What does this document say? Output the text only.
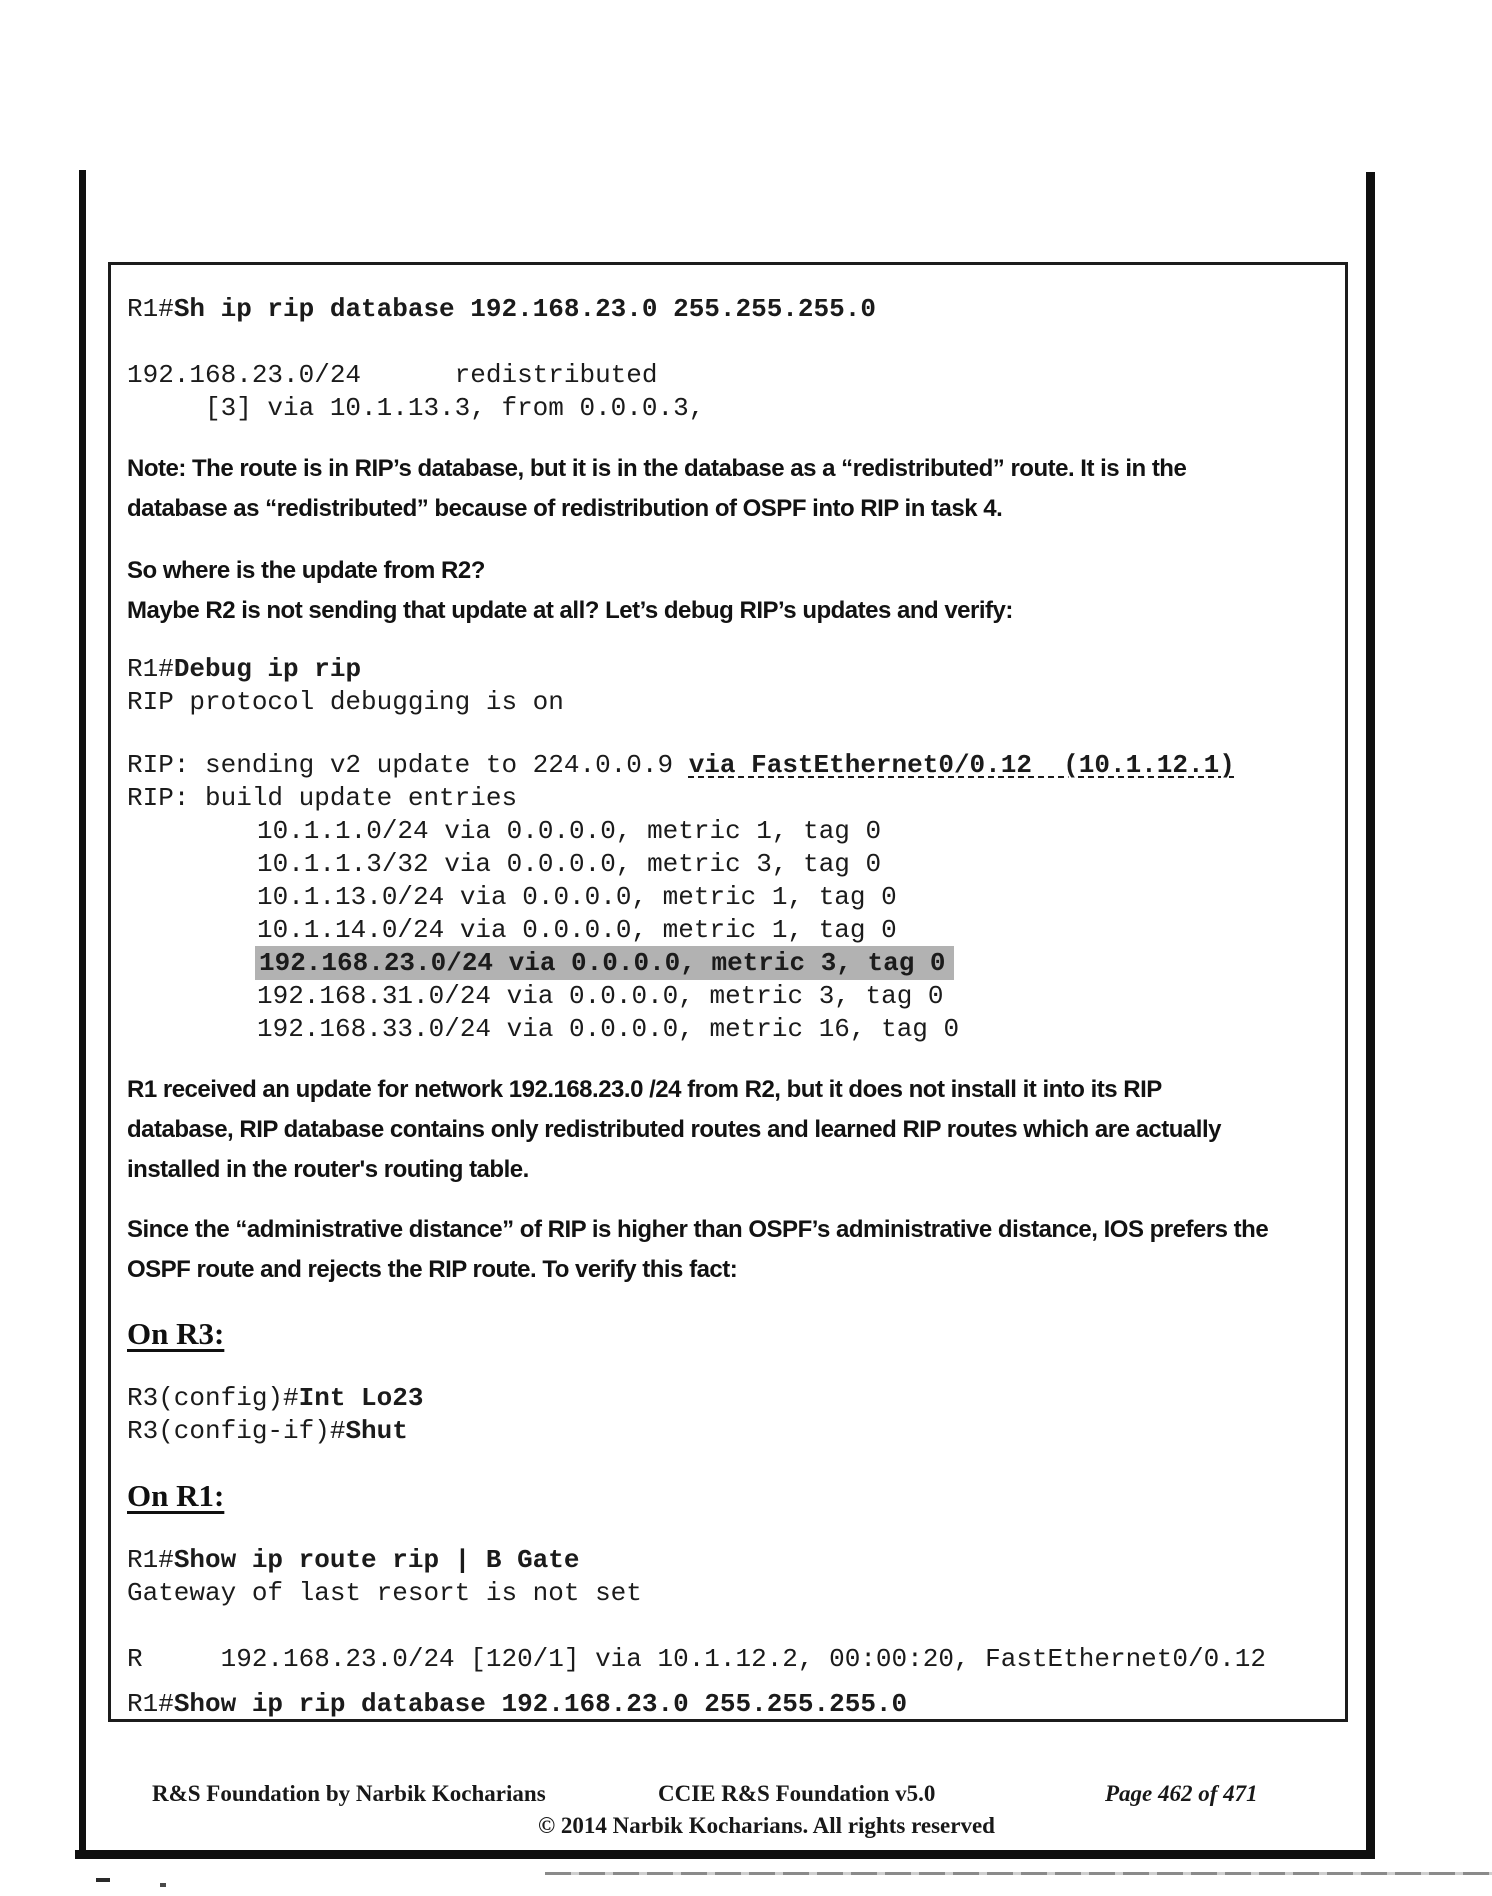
R1#Sh ip rip database 192.168.23.0 255.255.255.0
192.168.23.0/24      redistributed
[3] via 10.1.13.3, from 0.0.0.3,
Note: The route is in RIP’s database, but it is in the database as a “redistributed” route. It is in the
database as “redistributed” because of redistribution of OSPF into RIP in task 4.
So where is the update from R2?
Maybe R2 is not sending that update at all? Let’s debug RIP’s updates and verify:
R1#Debug ip rip
RIP protocol debugging is on
RIP: sending v2 update to 224.0.0.9 via FastEthernet0/0.12  (10.1.12.1)
RIP: build update entries
10.1.1.0/24 via 0.0.0.0, metric 1, tag 0
10.1.1.3/32 via 0.0.0.0, metric 3, tag 0
10.1.13.0/24 via 0.0.0.0, metric 1, tag 0
10.1.14.0/24 via 0.0.0.0, metric 1, tag 0
192.168.23.0/24 via 0.0.0.0, metric 3, tag 0
192.168.31.0/24 via 0.0.0.0, metric 3, tag 0
192.168.33.0/24 via 0.0.0.0, metric 16, tag 0
R1 received an update for network 192.168.23.0 /24 from R2, but it does not install it into its RIP
database, RIP database contains only redistributed routes and learned RIP routes which are actually
installed in the router's routing table.
Since the “administrative distance” of RIP is higher than OSPF’s administrative distance, IOS prefers the
OSPF route and rejects the RIP route. To verify this fact:
On R3:
R3(config)#Int Lo23
R3(config-if)#Shut
On R1:
R1#Show ip route rip | B Gate
Gateway of last resort is not set
R     192.168.23.0/24 [120/1] via 10.1.12.2, 00:00:20, FastEthernet0/0.12
R1#Show ip rip database 192.168.23.0 255.255.255.0
R&S Foundation by Narbik Kocharians	CCIE R&S Foundation v5.0
© 2014 Narbik Kocharians. All rights reserved
Page 462 of 471
